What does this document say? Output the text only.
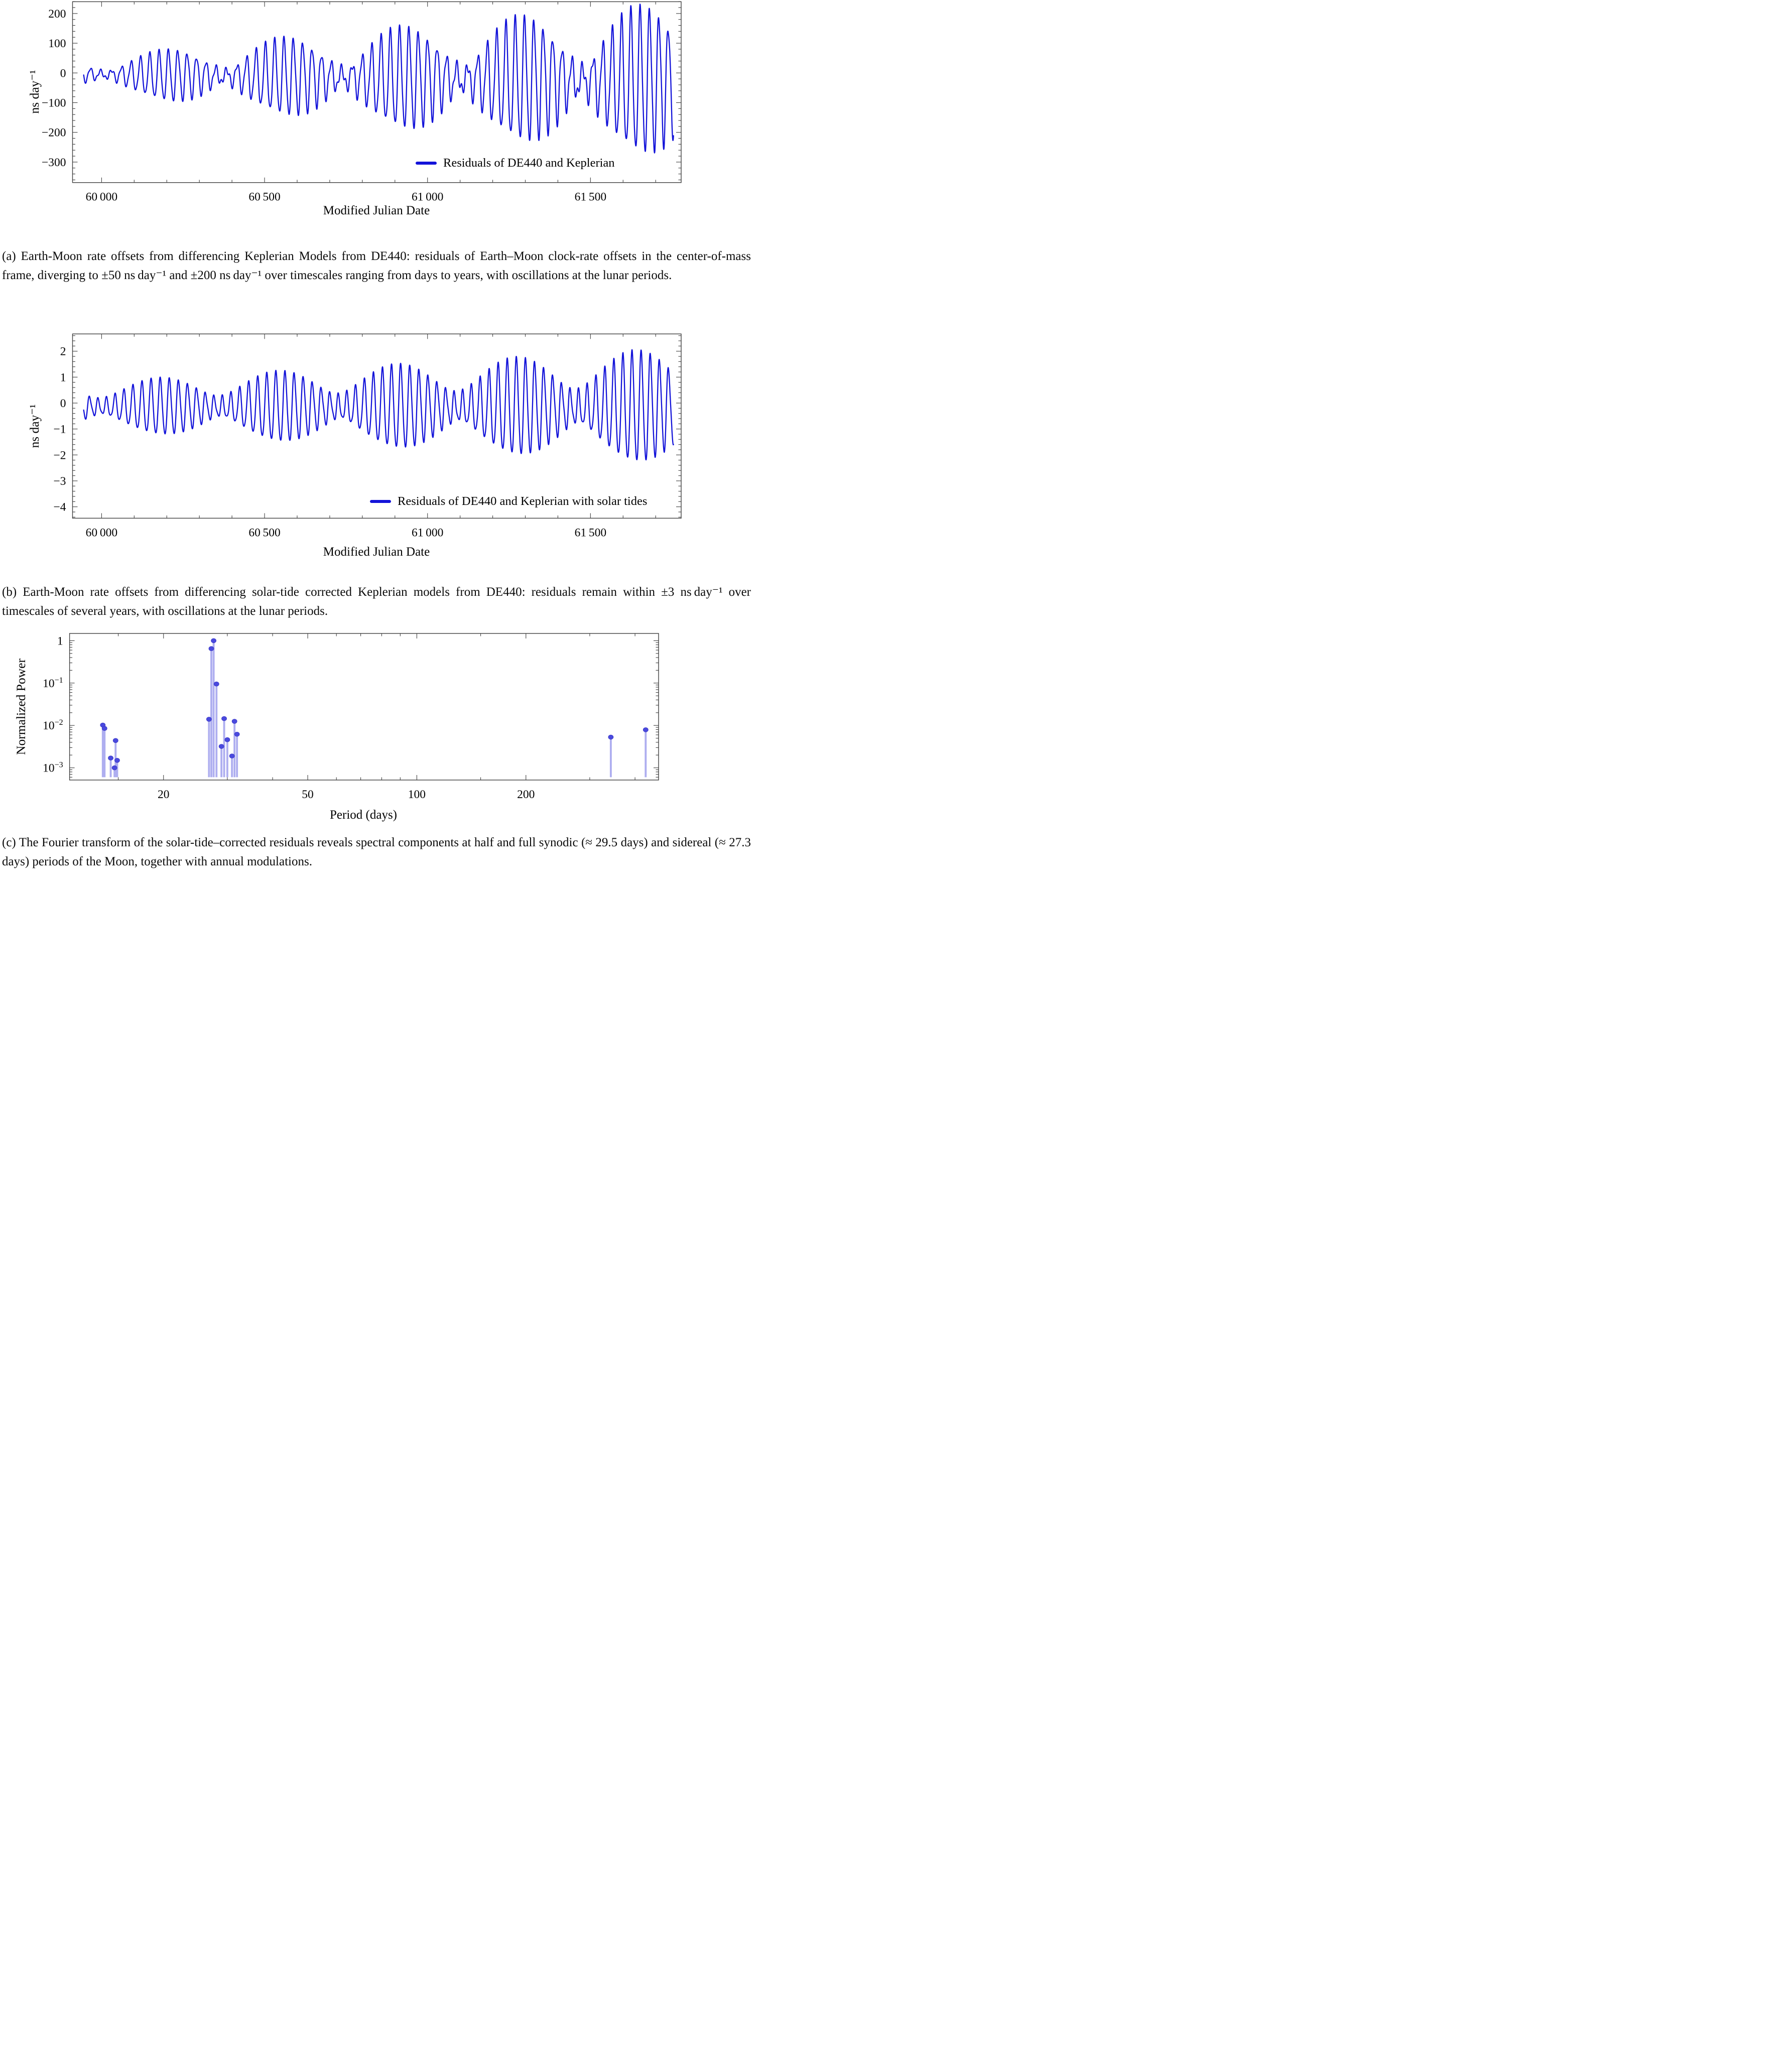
60 000	60 500	61 000	61 500
200
100
0
−100
−200
−300
60 000	60 500	61 000	61 500
2
1
0
−1
−2
−3
−4
20	50	100	200
1
$10^{-1}$
$10^{-2}$
$10^{-3}$
ns day⁻¹
Residuals of DE440 and Keplerian
Modified Julian Date
(a) Earth-Moon rate offsets from differencing Keplerian Models from DE440: residuals of Earth–Moon clock-rate offsets in the center-of-mass frame, diverging to ±50 ns day⁻¹ and ±200 ns day⁻¹ over timescales ranging from days to years, with oscillations at the lunar periods.
ns day⁻¹
Residuals of DE440 and Keplerian with solar tides
Modified Julian Date
(b) Earth-Moon rate offsets from differencing solar-tide corrected Keplerian models from DE440: residuals remain within ±3 ns day⁻¹ over timescales of several years, with oscillations at the lunar periods.
Normalized Power
Period (days)
(c) The Fourier transform of the solar-tide–corrected residuals reveals spectral components at half and full synodic (≈ 29.5 days) and sidereal (≈ 27.3 days) periods of the Moon, together with annual modulations.
